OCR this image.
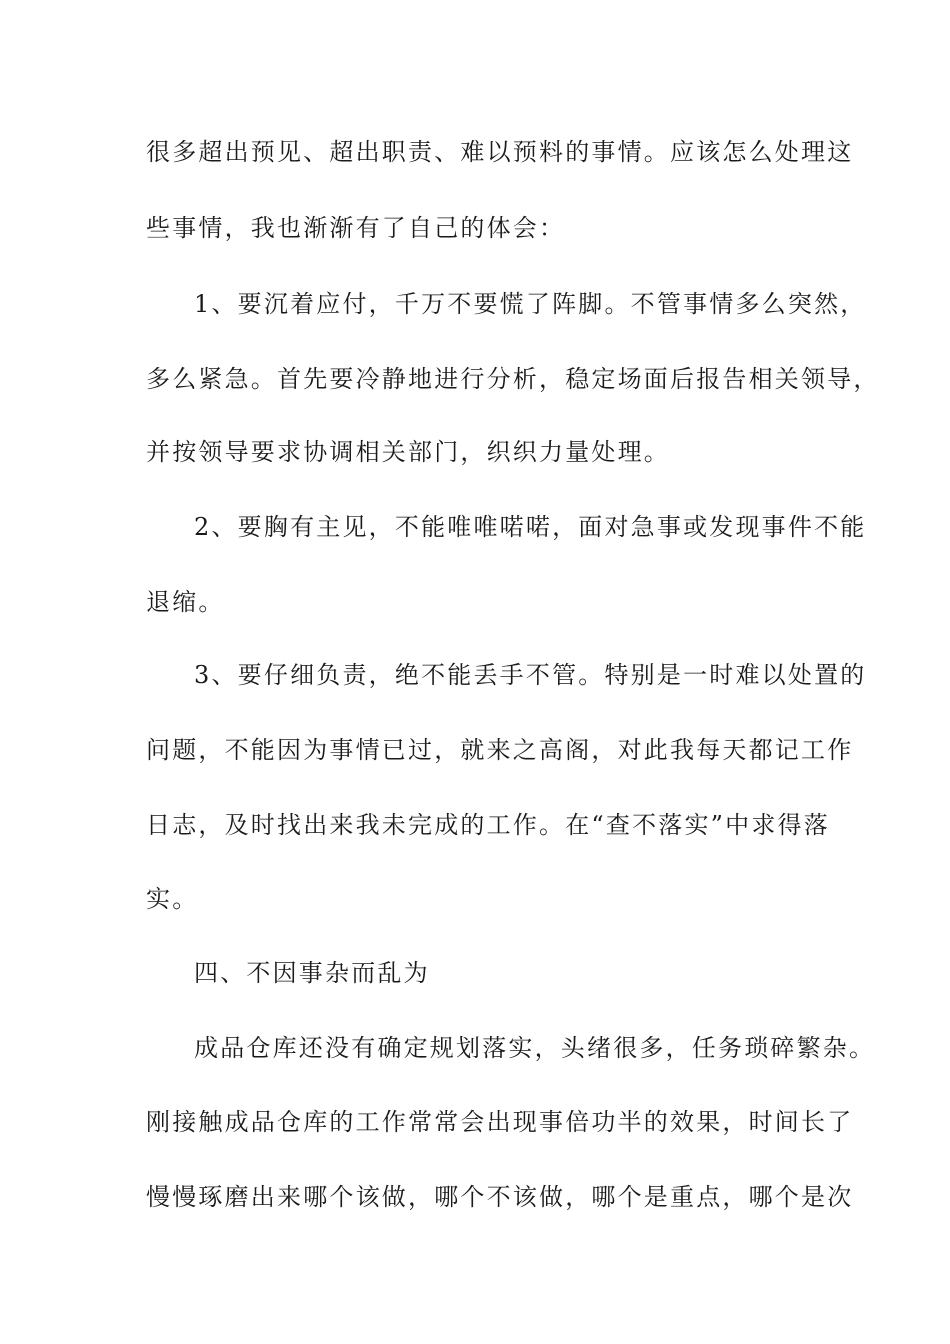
很多超出预见、超出职责、难以预料的事情。应该怎么处理这
些事情，我也渐渐有了自己的体会：
1、要沉着应付，千万不要慌了阵脚。不管事情多么突然，
多么紧急。首先要冷静地进行分析，稳定场面后报告相关领导，
并按领导要求协调相关部门，织织力量处理。
2、要胸有主见，不能唯唯喏喏，面对急事或发现事件不能
退缩。
3、要仔细负责，绝不能丢手不管。特别是一时难以处置的
问题，不能因为事情已过，就来之高阁，对此我每天都记工作
日志，及时找出来我未完成的工作。在“查不落实”中求得落
实。
四、不因事杂而乱为
成品仓库还没有确定规划落实，头绪很多，任务琐碎繁杂。
刚接触成品仓库的工作常常会出现事倍功半的效果，时间长了
慢慢琢磨出来哪个该做，哪个不该做，哪个是重点，哪个是次
